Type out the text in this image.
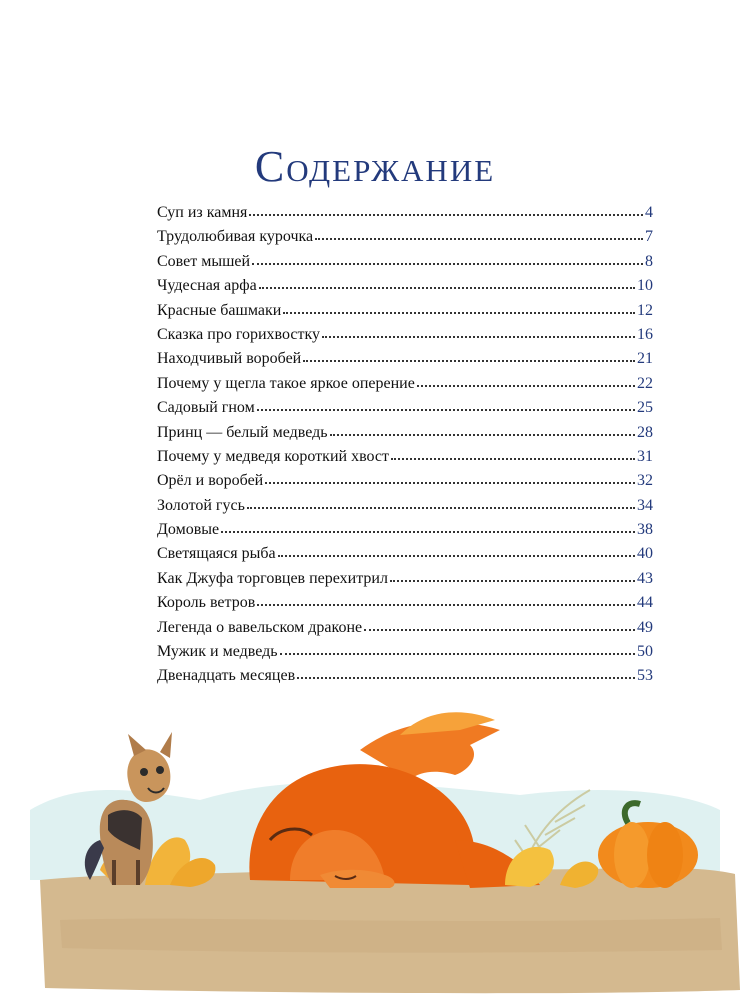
Содержание
Суп из камня	4
Трудолюбивая курочка	7
Совет мышей	8
Чудесная арфа	10
Красные башмаки	12
Сказка про горихвостку	16
Находчивый воробей	21
Почему у щегла такое яркое оперение	22
Садовый гном	25
Принц — белый медведь	28
Почему у медведя короткий хвост	31
Орёл и воробей	32
Золотой гусь	34
Домовые	38
Светящаяся рыба	40
Как Джуфа торговцев перехитрил	43
Король ветров	44
Легенда о вавельском драконе	49
Мужик и медведь	50
Двенадцать месяцев	53
